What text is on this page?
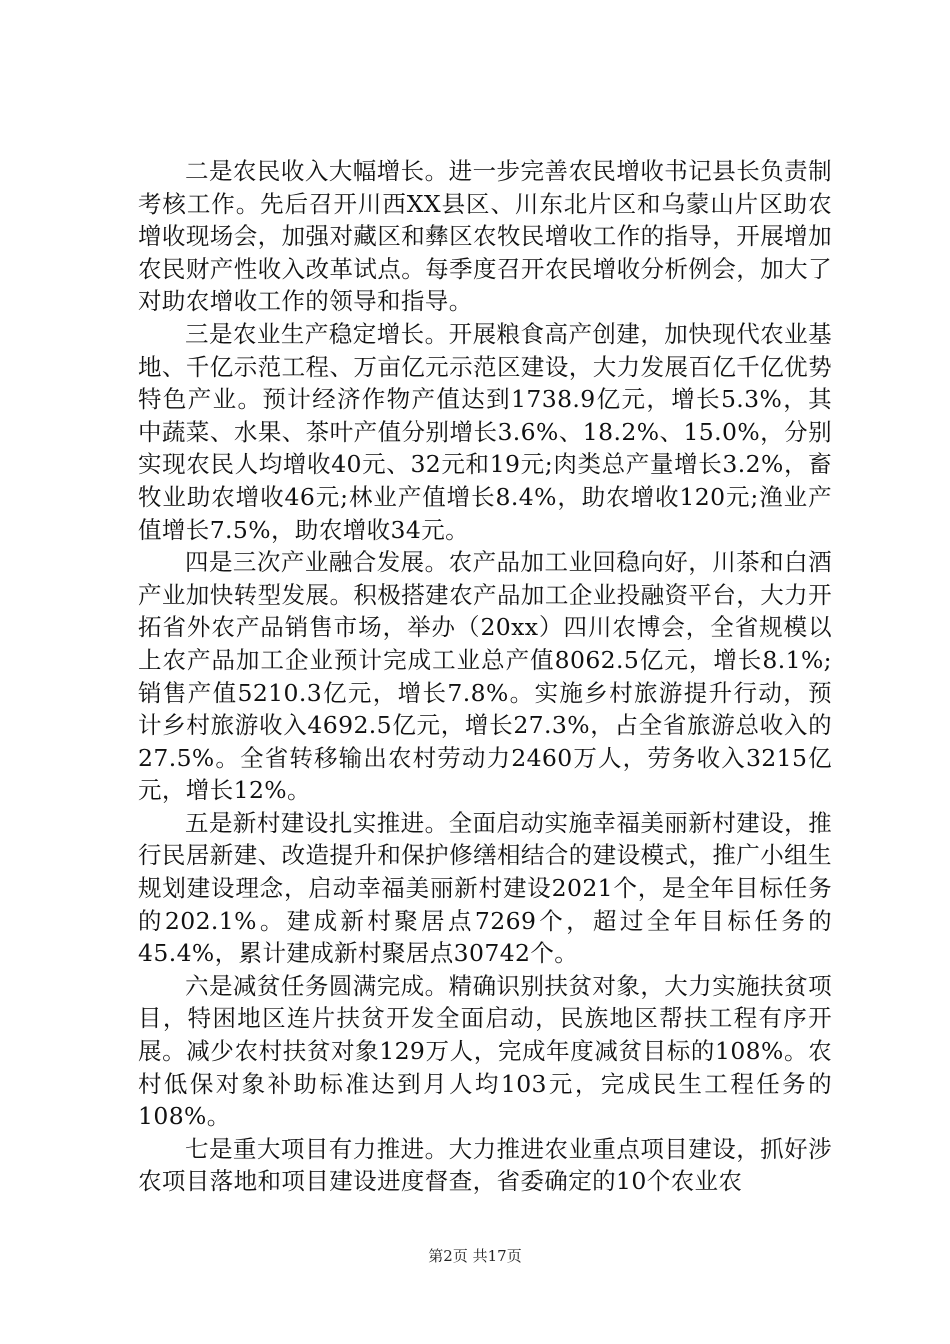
二是农民收入大幅增长。进一步完善农民增收书记县长负责制考核工作。先后召开川西XX县区、川东北片区和乌蒙山片区助农增收现场会，加强对藏区和彝区农牧民增收工作的指导，开展增加农民财产性收入改革试点。每季度召开农民增收分析例会，加大了对助农增收工作的领导和指导。

三是农业生产稳定增长。开展粮食高产创建，加快现代农业基地、千亿示范工程、万亩亿元示范区建设，大力发展百亿千亿优势特色产业。预计经济作物产值达到1738.9亿元，增长5.3%，其中蔬菜、水果、茶叶产值分别增长3.6%、18.2%、15.0%，分别实现农民人均增收40元、32元和19元;肉类总产量增长3.2%，畜牧业助农增收46元;林业产值增长8.4%，助农增收120元;渔业产值增长7.5%，助农增收34元。

四是三次产业融合发展。农产品加工业回稳向好，川茶和白酒产业加快转型发展。积极搭建农产品加工企业投融资平台，大力开拓省外农产品销售市场，举办（20xx）四川农博会，全省规模以上农产品加工企业预计完成工业总产值8062.5亿元，增长8.1%;销售产值5210.3亿元，增长7.8%。实施乡村旅游提升行动，预计乡村旅游收入4692.5亿元，增长27.3%，占全省旅游总收入的27.5%。全省转移输出农村劳动力2460万人，劳务收入3215亿元，增长12%。

五是新村建设扎实推进。全面启动实施幸福美丽新村建设，推行民居新建、改造提升和保护修缮相结合的建设模式，推广小组生规划建设理念，启动幸福美丽新村建设2021个，是全年目标任务的202.1%。建成新村聚居点7269个，超过全年目标任务的45.4%，累计建成新村聚居点30742个。

六是减贫任务圆满完成。精确识别扶贫对象，大力实施扶贫项目，特困地区连片扶贫开发全面启动，民族地区帮扶工程有序开展。减少农村扶贫对象129万人，完成年度减贫目标的108%。农村低保对象补助标准达到月人均103元，完成民生工程任务的108%。

七是重大项目有力推进。大力推进农业重点项目建设，抓好涉农项目落地和项目建设进度督查，省委确定的10个农业农

第2页 共17页
